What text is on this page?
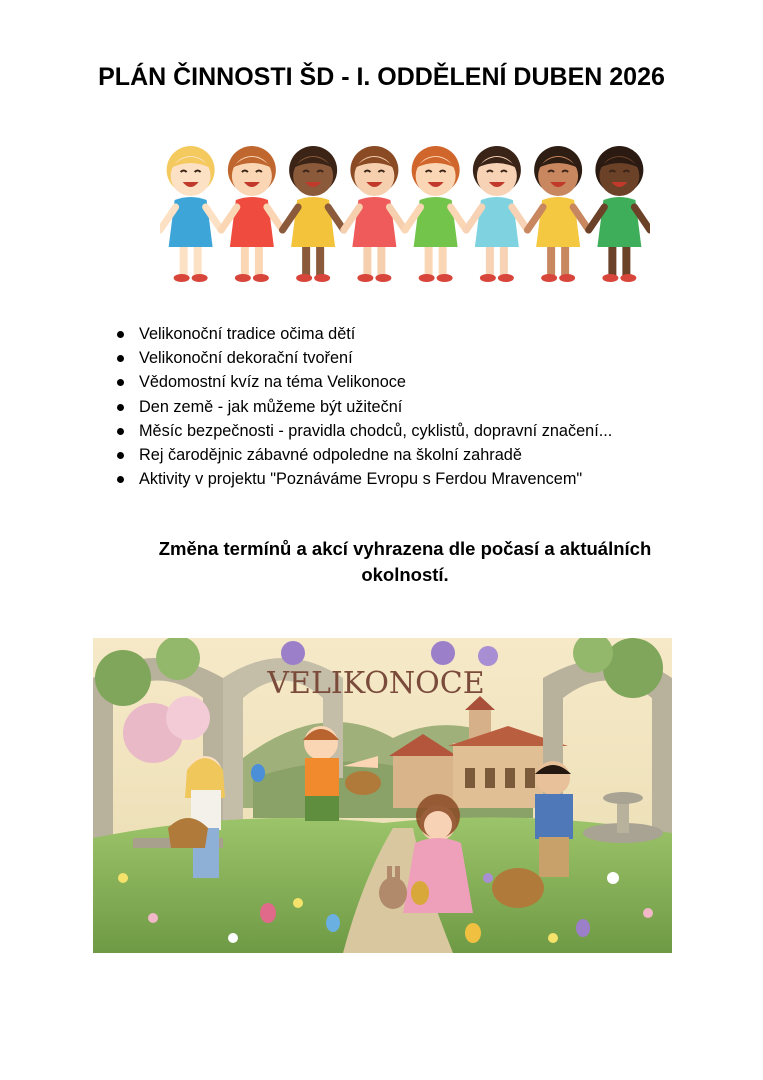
PLÁN ČINNOSTI ŠD - I. ODDĚLENÍ DUBEN 2026
Velikonoční tradice očima dětí
Velikonoční dekorační tvoření
Vědomostní kvíz na téma Velikonoce
Den země - jak můžeme být užiteční
Měsíc bezpečnosti - pravidla chodců, cyklistů, dopravní značení...
Rej čarodějnic zábavné odpoledne na školní zahradě
Aktivity v projektu "Poznáváme Evropu s Ferdou Mravencem"

Změna termínů a akcí vyhrazena dle počasí a aktuálních okolností.

VELIKONOCE
